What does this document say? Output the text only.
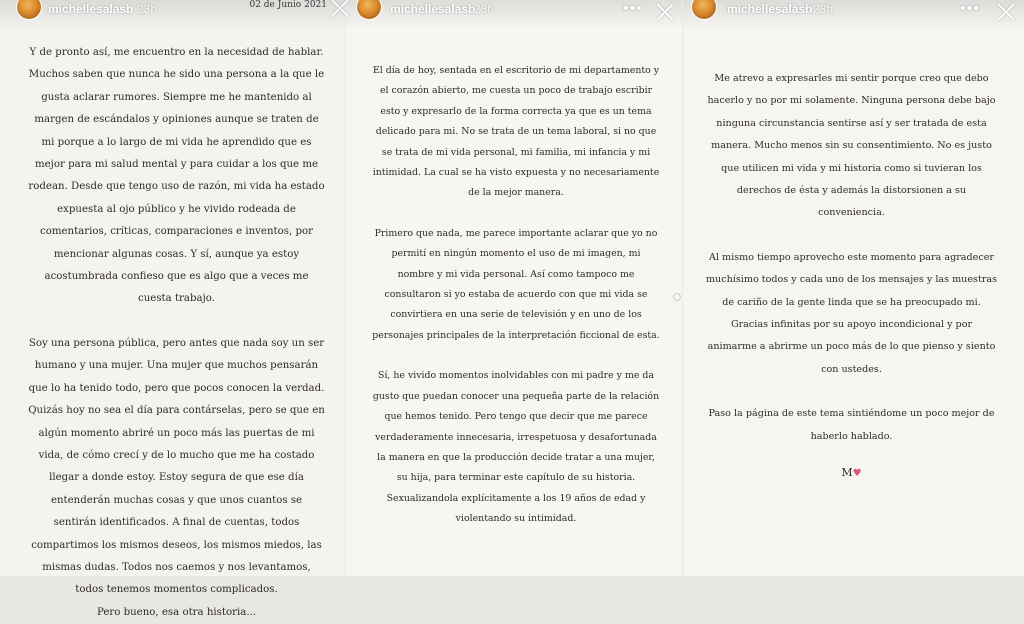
michellesalasb 23h	02 de Junio 2021
Y de pronto así, me encuentro en la necesidad de hablar. Muchos saben que nunca he sido una persona a la que le gusta aclarar rumores. Siempre me he mantenido al margen de escándalos y opiniones aunque se traten de mi porque a lo largo de mi vida he aprendido que es mejor para mi salud mental y para cuidar a los que me rodean. Desde que tengo uso de razón, mi vida ha estado expuesta al ojo público y he vivido rodeada de comentarios, críticas, comparaciones e inventos, por mencionar algunas cosas. Y sí, aunque ya estoy acostumbrada confieso que es algo que a veces me cuesta trabajo.
Soy una persona pública, pero antes que nada soy un ser humano y una mujer. Una mujer que muchos pensarán que lo ha tenido todo, pero que pocos conocen la verdad. Quizás hoy no sea el día para contárselas, pero se que en algún momento abriré un poco más las puertas de mi vida, de cómo crecí y de lo mucho que me ha costado llegar a donde estoy. Estoy segura de que ese día entenderán muchas cosas y que unos cuantos se sentirán identificados. A final de cuentas, todos compartimos los mismos deseos, los mismos miedos, las mismas dudas. Todos nos caemos y nos levantamos, todos tenemos momentos complicados.
Pero bueno, esa otra historia...
michellesalasb
23h	•••
El día de hoy, sentada en el escritorio de mi departamento y el corazón abierto, me cuesta un poco de trabajo escribir esto y expresarlo de la forma correcta ya que es un tema delicado para mi. No se trata de un tema laboral, si no que se trata de mi vida personal, mi familia, mi infancia y mi intimidad. La cual se ha visto expuesta y no necesariamente de la mejor manera.
Primero que nada, me parece importante aclarar que yo no permití en ningún momento el uso de mi imagen, mi nombre y mi vida personal. Así como tampoco me consultaron si yo estaba de acuerdo con que mi vida se convirtiera en una serie de televisión y en uno de los personajes principales de la interpretación ficcional de esta.
Sí, he vivido momentos inolvidables con mi padre y me da gusto que puedan conocer una pequeña parte de la relación que hemos tenido. Pero tengo que decir que me parece verdaderamente innecesaria, irrespetuosa y desafortunada la manera en que la producción decide tratar a una mujer, su hija, para terminar este capítulo de su historia. Sexualizandola explícitamente a los 19 años de edad y violentando su intimidad.
michellesalasb 23h	•••
Me atrevo a expresarles mi sentir porque creo que debo hacerlo y no por mi solamente. Ninguna persona debe bajo ninguna circunstancia sentirse así y ser tratada de esta manera. Mucho menos sin su consentimiento. No es justo que utilicen mi vida y mi historia como si tuvieran los derechos de ésta y además la distorsionen a su conveniencia.
Al mismo tiempo aprovecho este momento para agradecer muchísimo todos y cada uno de los mensajes y las muestras de cariño de la gente linda que se ha preocupado mi. Gracias infinitas por su apoyo incondicional y por animarme a abrirme un poco más de lo que pienso y siento con ustedes.
Paso la página de este tema sintiéndome un poco mejor de haberlo hablado.
M♥
